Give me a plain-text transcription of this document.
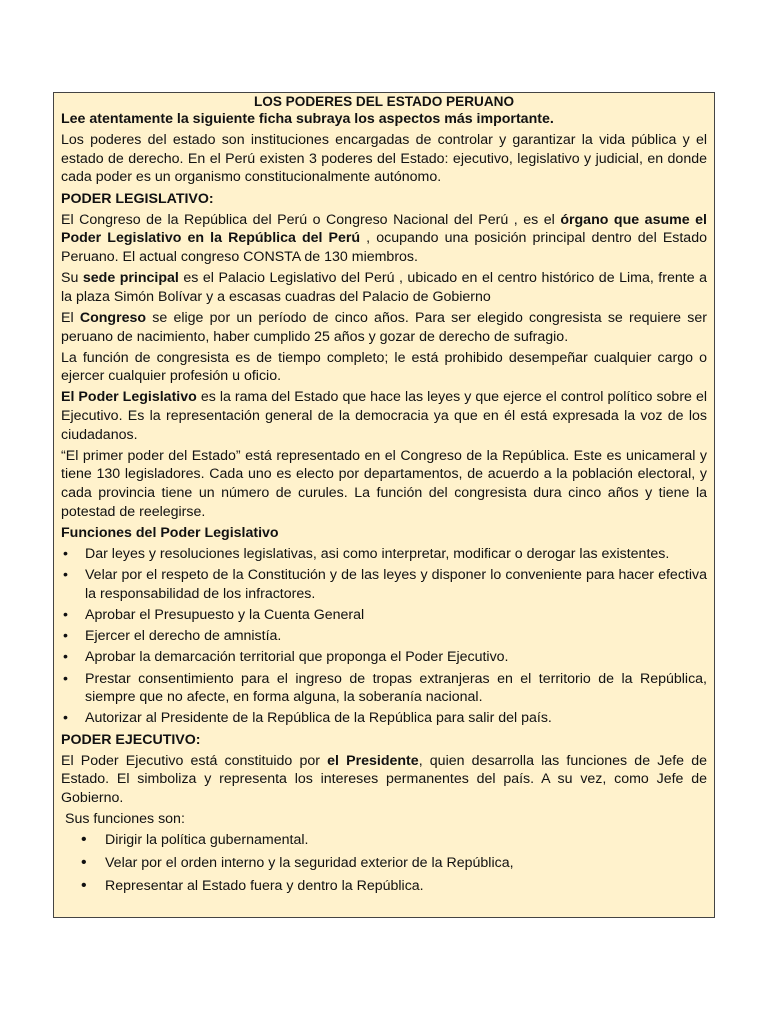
LOS PODERES DEL ESTADO PERUANO

Lee atentamente la siguiente ficha subraya los aspectos más importante.

Los poderes del estado son instituciones encargadas de controlar y garantizar la vida pública y el estado de derecho. En el Perú existen 3 poderes del Estado: ejecutivo, legislativo y judicial, en donde cada poder es un organismo constitucionalmente autónomo.

PODER LEGISLATIVO:

El Congreso de la República del Perú o Congreso Nacional del Perú , es el órgano que asume el Poder Legislativo en la República del Perú , ocupando una posición principal dentro del Estado Peruano. El actual congreso CONSTA de 130 miembros.

Su sede principal es el Palacio Legislativo del Perú , ubicado en el centro histórico de Lima, frente a la plaza Simón Bolívar y a escasas cuadras del Palacio de Gobierno

El Congreso se elige por un período de cinco años. Para ser elegido congresista se requiere ser peruano de nacimiento, haber cumplido 25 años y gozar de derecho de sufragio.

La función de congresista es de tiempo completo; le está prohibido desempeñar cualquier cargo o ejercer cualquier profesión u oficio.

El Poder Legislativo es la rama del Estado que hace las leyes y que ejerce el control político sobre el Ejecutivo. Es la representación general de la democracia ya que en él está expresada la voz de los ciudadanos.

“El primer poder del Estado” está representado en el Congreso de la República. Este es unicameral y tiene 130 legisladores. Cada uno es electo por departamentos, de acuerdo a la población electoral, y cada provincia tiene un número de curules. La función del congresista dura cinco años y tiene la potestad de reelegirse.

Funciones del Poder Legislativo
• Dar leyes y resoluciones legislativas, asi como interpretar, modificar o derogar las existentes.
• Velar por el respeto de la Constitución y de las leyes y disponer lo conveniente para hacer efectiva la responsabilidad de los infractores.
• Aprobar el Presupuesto y la Cuenta General
• Ejercer el derecho de amnistía.
• Aprobar la demarcación territorial que proponga el Poder Ejecutivo.
• Prestar consentimiento para el ingreso de tropas extranjeras en el territorio de la República, siempre que no afecte, en forma alguna, la soberanía nacional.
• Autorizar al Presidente de la República de la República para salir del país.
PODER EJECUTIVO:

El Poder Ejecutivo está constituido por el Presidente, quien desarrolla las funciones de Jefe de Estado. El simboliza y representa los intereses permanentes del país. A su vez, como Jefe de Gobierno.

Sus funciones son:

• Dirigir la política gubernamental.
• Velar por el orden interno y la seguridad exterior de la República,
• Representar al Estado fuera y dentro la República.
